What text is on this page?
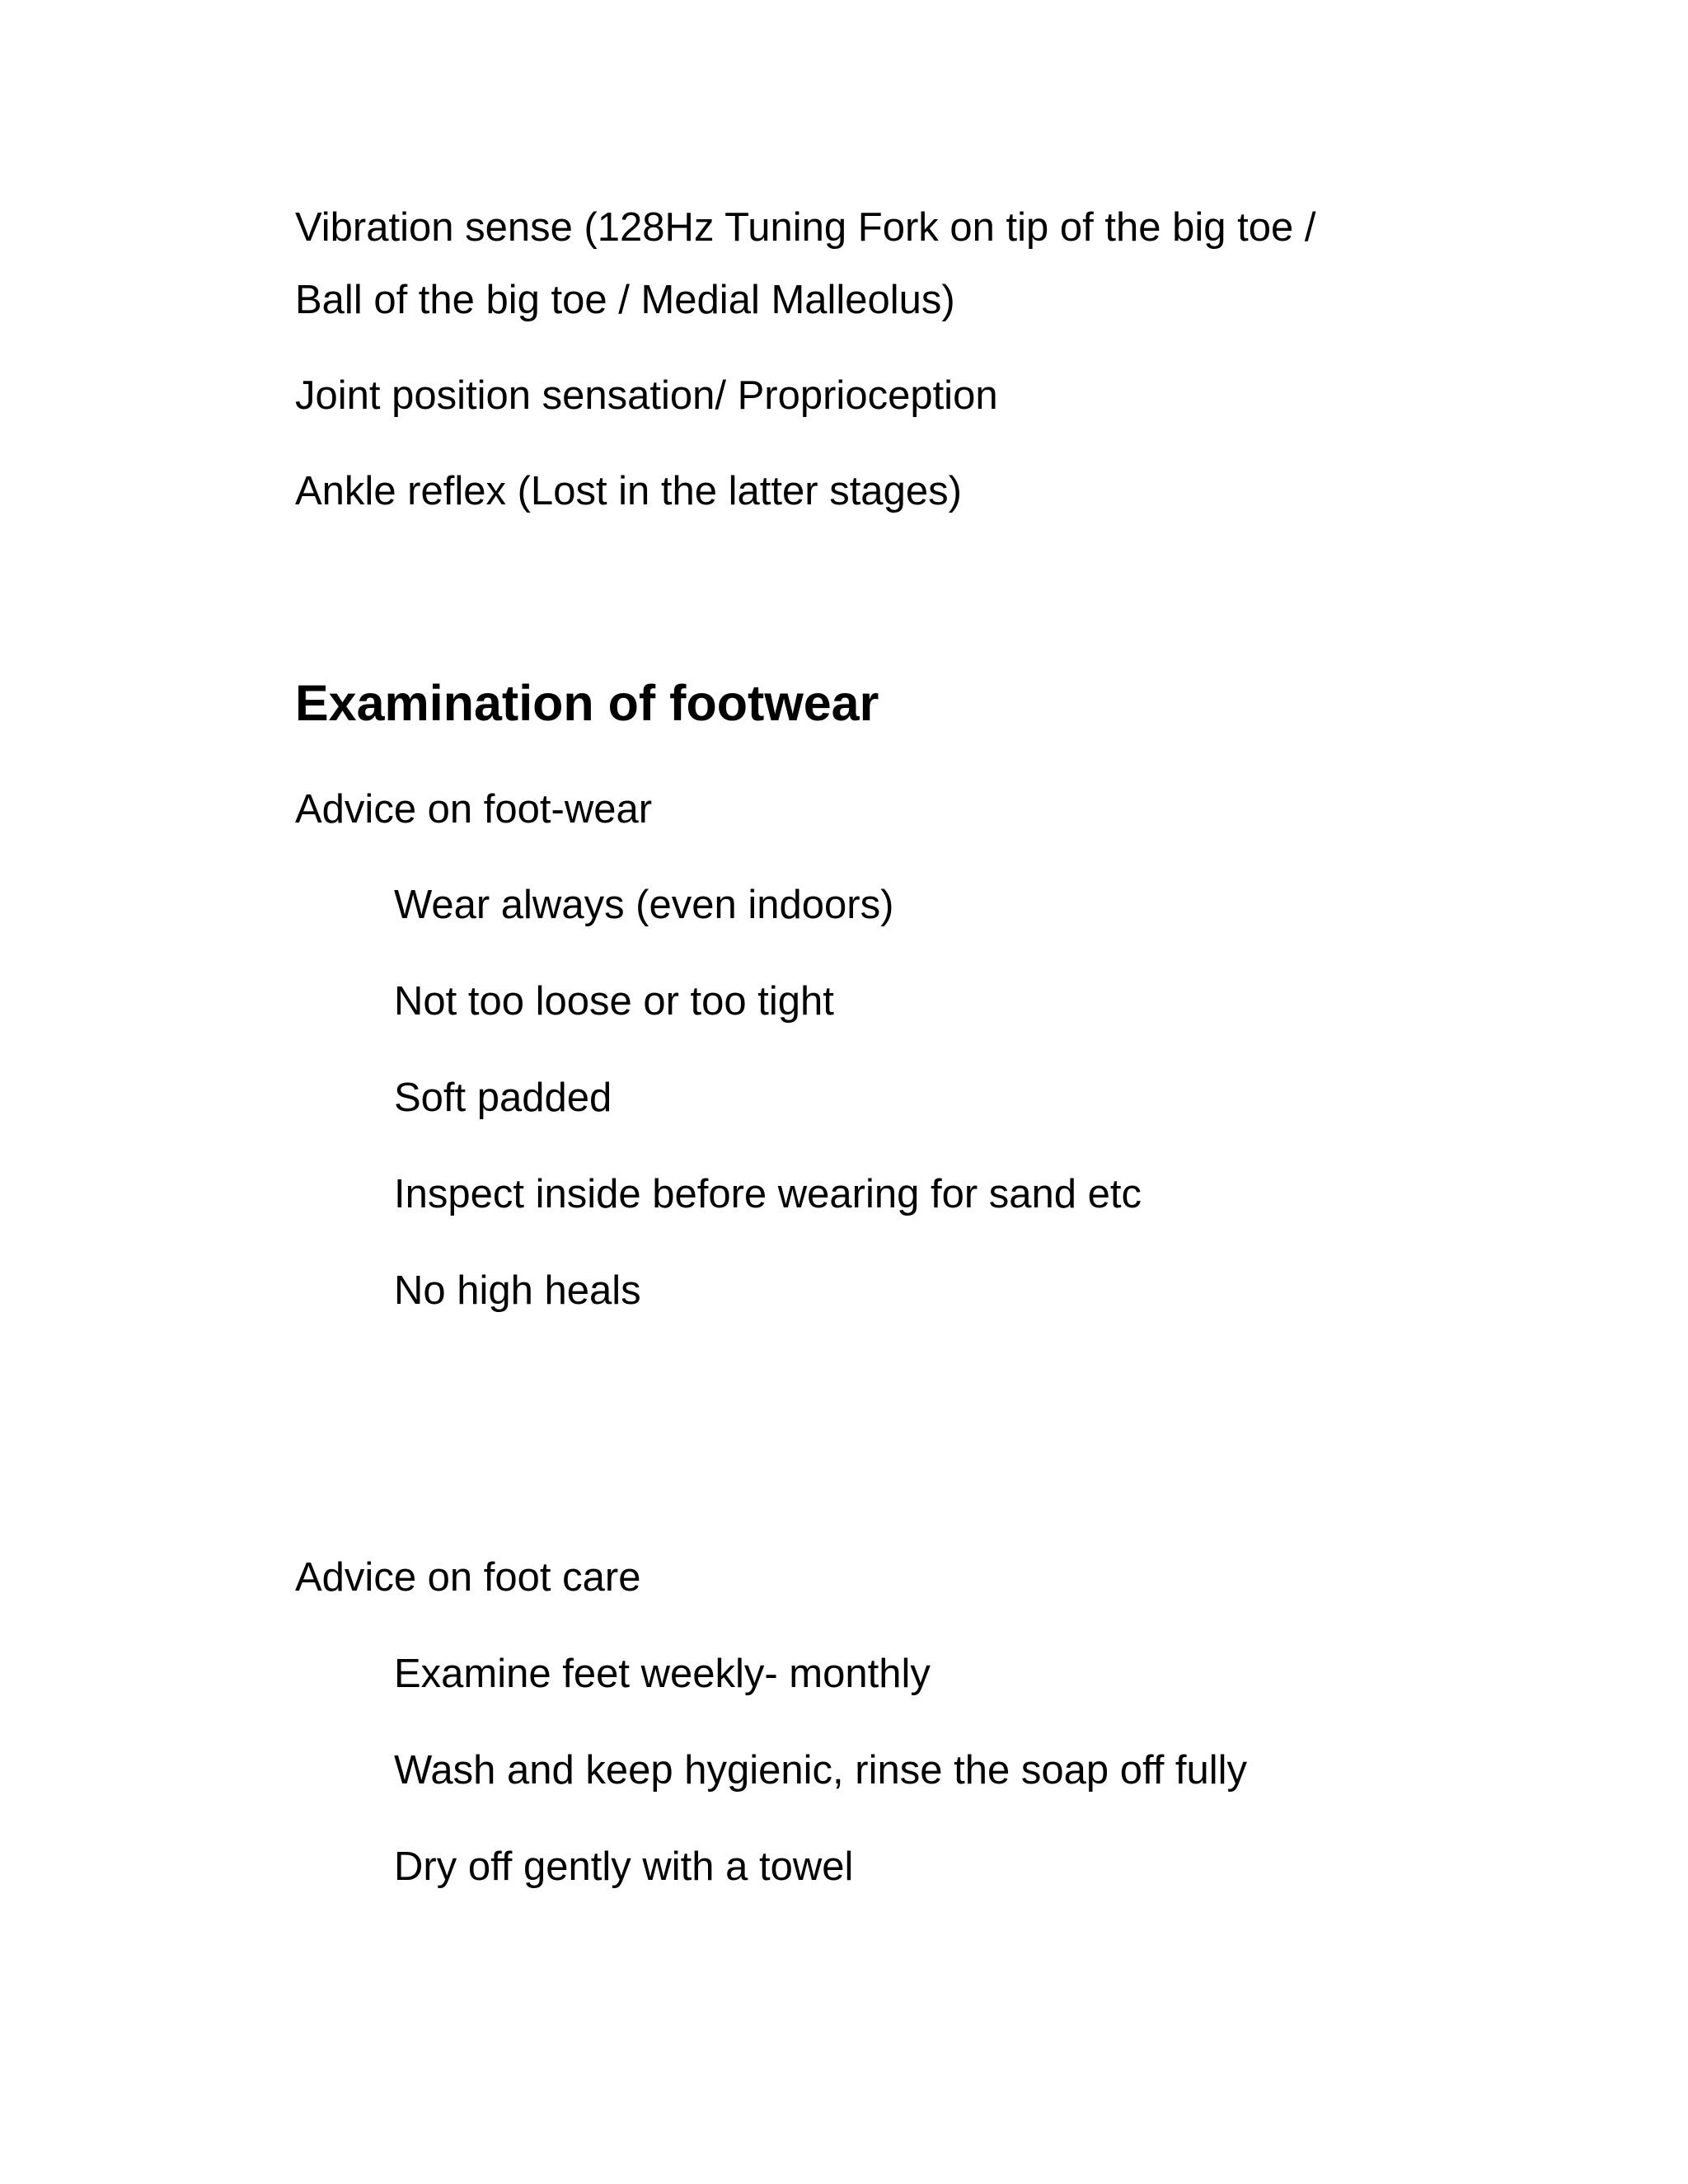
Vibration sense (128Hz Tuning Fork on tip of the big toe /
Ball of the big toe / Medial Malleolus)
Joint position sensation/ Proprioception
Ankle reflex (Lost in the latter stages)
Examination of footwear
Advice on foot-wear
Wear always (even indoors)
Not too loose or too tight
Soft padded
Inspect inside before wearing for sand etc
No high heals
Advice on foot care
Examine feet weekly- monthly
Wash and keep hygienic, rinse the soap off fully
Dry off gently with a towel
